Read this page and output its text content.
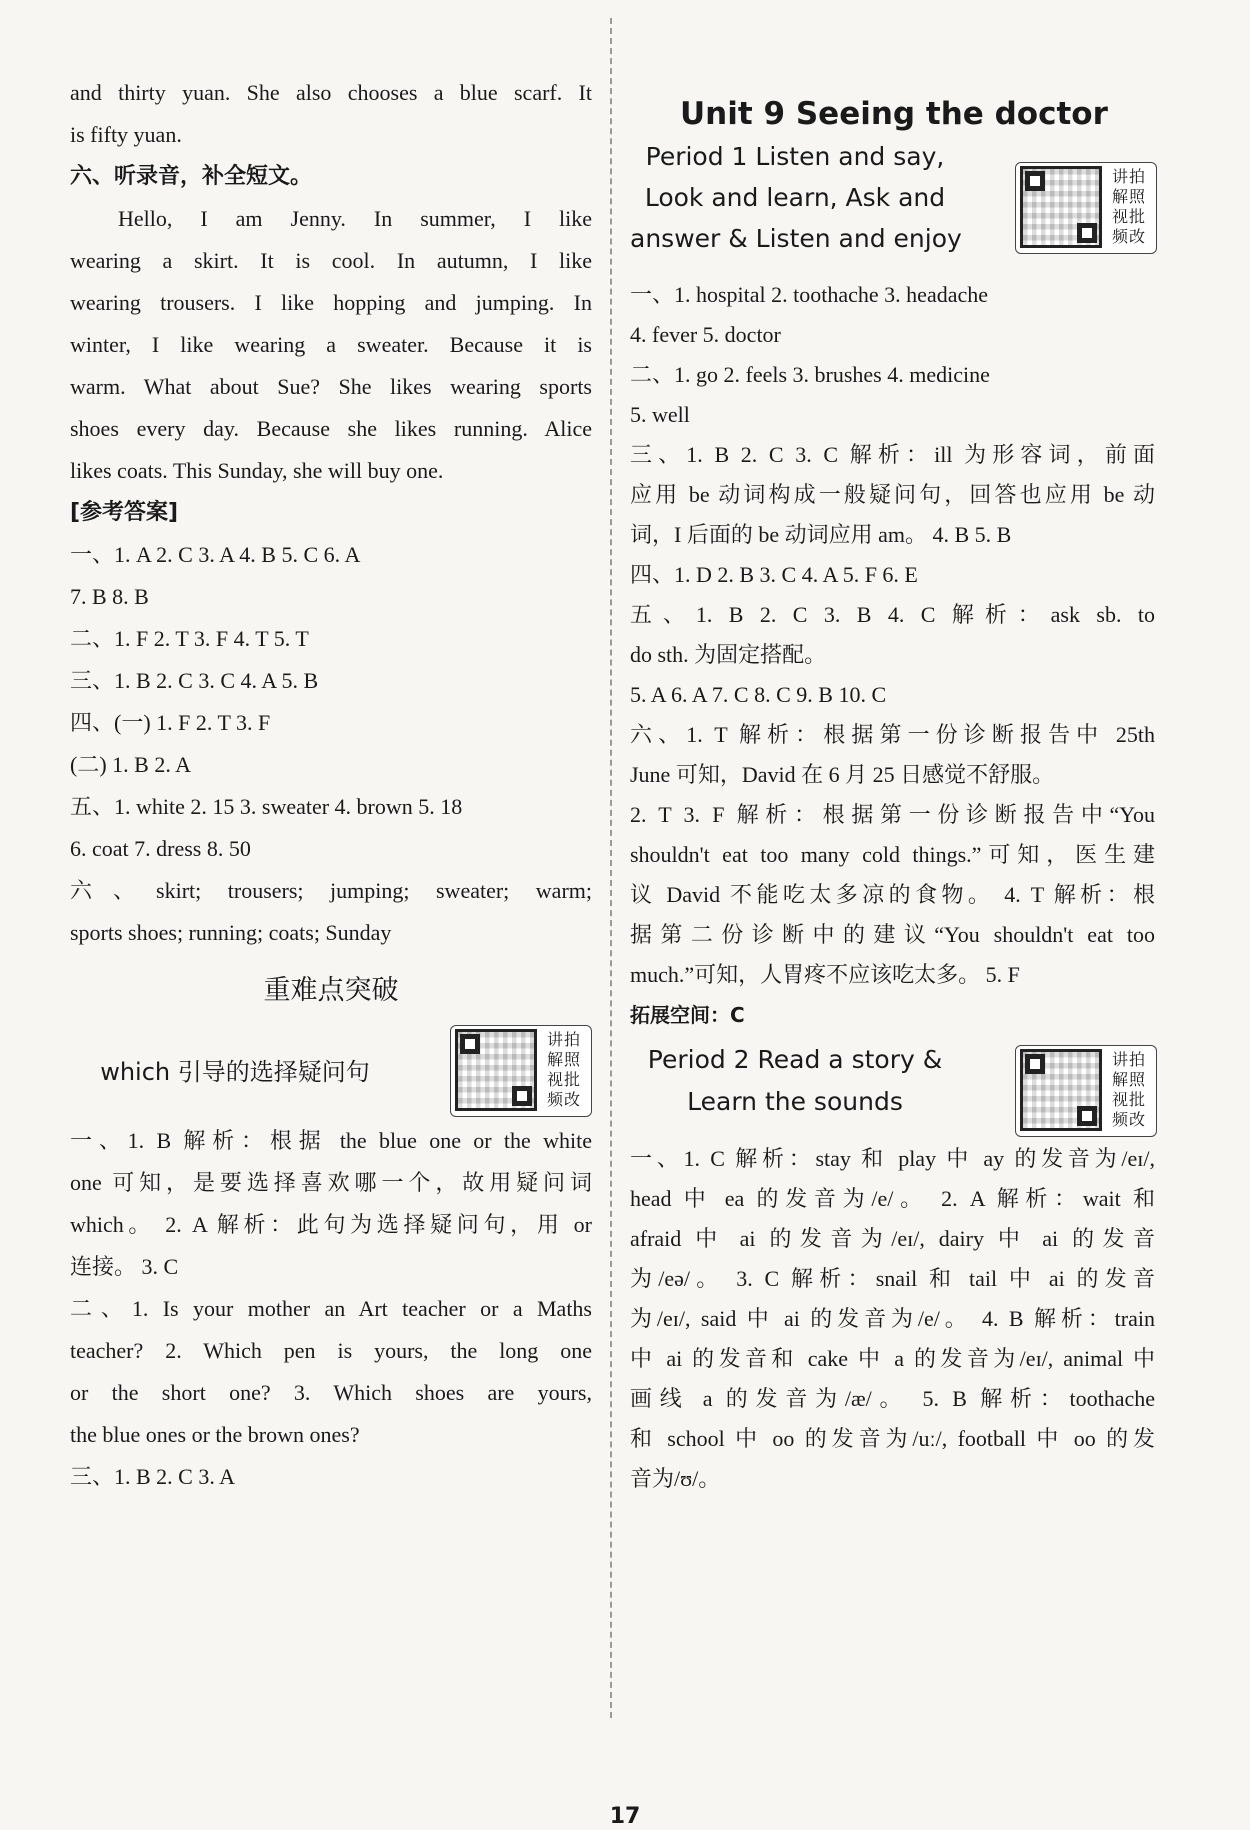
and thirty yuan. She also chooses a blue scarf. It
is fifty yuan.
六、听录音，补全短文。
Hello, I am Jenny. In summer, I like
wearing a skirt. It is cool. In autumn, I like
wearing trousers. I like hopping and jumping. In
winter, I like wearing a sweater. Because it is
warm. What about Sue? She likes wearing sports
shoes every day. Because she likes running. Alice
likes coats. This Sunday, she will buy one.
[参考答案]
一、1. A 2. C 3. A 4. B 5. C 6. A
7. B 8. B
二、1. F 2. T 3. F 4. T 5. T
三、1. B 2. C 3. C 4. A 5. B
四、(一) 1. F 2. T 3. F
(二) 1. B 2. A
五、1. white 2. 15 3. sweater 4. brown 5. 18
6. coat 7. dress 8. 50
六、skirt; trousers; jumping; sweater; warm;
sports shoes; running; coats; Sunday
重难点突破
which 引导的选择疑问句
讲拍
解照
视批
频改
一、1. B 解析：根据 the blue one or the white
one 可知，是要选择喜欢哪一个，故用疑问词
which。 2. A 解析：此句为选择疑问句，用 or
连接。 3. C
二、1. Is your mother an Art teacher or a Maths
teacher? 2. Which pen is yours, the long one
or the short one? 3. Which shoes are yours,
the blue ones or the brown ones?
三、1. B 2. C 3. A
Unit 9 Seeing the doctor
Period 1 Listen and say,
Look and learn, Ask and
answer & Listen and enjoy
讲拍
解照
视批
频改
一、1. hospital 2. toothache 3. headache
4. fever 5. doctor
二、1. go 2. feels 3. brushes 4. medicine
5. well
三、1. B 2. C 3. C 解析：ill 为形容词，前面
应用 be 动词构成一般疑问句，回答也应用 be 动
词，I 后面的 be 动词应用 am。 4. B 5. B
四、1. D 2. B 3. C 4. A 5. F 6. E
五、1. B 2. C 3. B 4. C 解析：ask sb. to
do sth. 为固定搭配。
5. A 6. A 7. C 8. C 9. B 10. C
六、1. T 解析：根据第一份诊断报告中 25th
June 可知，David 在 6 月 25 日感觉不舒服。
2. T 3. F 解析：根据第一份诊断报告中“You
shouldn't eat too many cold things.”可知，医生建
议 David 不能吃太多凉的食物。 4. T 解析：根
据第二份诊断中的建议“You shouldn't eat too
much.”可知，人胃疼不应该吃太多。 5. F
拓展空间：C
Period 2 Read a story &
Learn the sounds
讲拍
解照
视批
频改
一、1. C 解析：stay 和 play 中 ay 的发音为/eɪ/,
head 中 ea 的发音为/e/。 2. A 解析：wait 和
afraid 中 ai 的发音为/eɪ/, dairy 中 ai 的发音
为/eə/。 3. C 解析：snail 和 tail 中 ai 的发音
为/eɪ/, said 中 ai 的发音为/e/。 4. B 解析：train
中 ai 的发音和 cake 中 a 的发音为/eɪ/, animal 中
画线 a 的发音为/æ/。 5. B 解析：toothache
和 school 中 oo 的发音为/uː/, football 中 oo 的发
音为/ʊ/。
17
